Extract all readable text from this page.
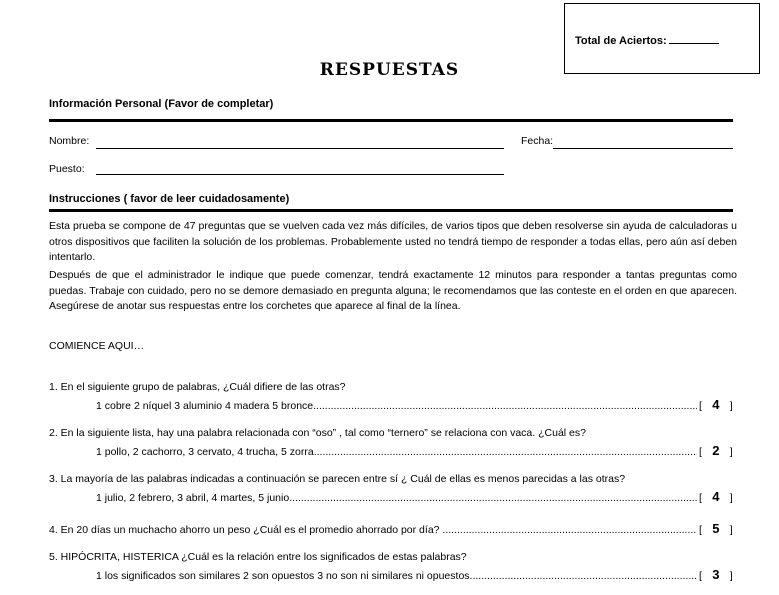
Total de Aciertos:
RESPUESTAS
Información Personal (Favor de completar)
Nombre:	Fecha:
Puesto:
Instrucciones ( favor de leer cuidadosamente)
Esta prueba se compone de 47 preguntas que se vuelven cada vez más difíciles, de varios tipos que deben resolverse sin ayuda de calculadoras u otros dispositivos que faciliten la solución de los problemas. Probablemente usted no tendrá tiempo de responder a todas ellas, pero aún así deben intentarlo.
Después de que el administrador le indique que puede comenzar, tendrá exactamente 12 minutos para responder a tantas preguntas como puedas. Trabaje con cuidado, pero no se demore demasiado en pregunta alguna; le recomendamos que las conteste en el orden en que aparecen. Asegúrese de anotar sus respuestas entre los corchetes que aparece al final de la línea.
COMIENCE AQUI…
1. En el siguiente grupo de palabras, ¿Cuál difiere de las otras?
1 cobre 2 níquel 3 aluminio 4 madera 5 bronce .....	[ 4 ]
2. En la siguiente lista, hay una palabra relacionada con “oso” , tal como “ternero” se relaciona con vaca. ¿Cuál es?
1 pollo, 2 cachorro, 3 cervato, 4 trucha, 5 zorra .....	[ 2 ]
3. La mayoría de las palabras indicadas a continuación se parecen entre sí ¿ Cuál de ellas es menos parecidas a las otras?
1 julio, 2 febrero, 3 abril, 4 martes, 5 junio .....	[ 4 ]
4. En 20 días un muchacho ahorro un peso ¿Cuál es el promedio ahorrado por día? .....	[ 5 ]
5. HIPÓCRITA, HISTERICA ¿Cuál es la relación entre los significados de estas palabras?
1 los significados son similares 2 son opuestos 3 no son ni similares ni opuestos .....	[ 3 ]
